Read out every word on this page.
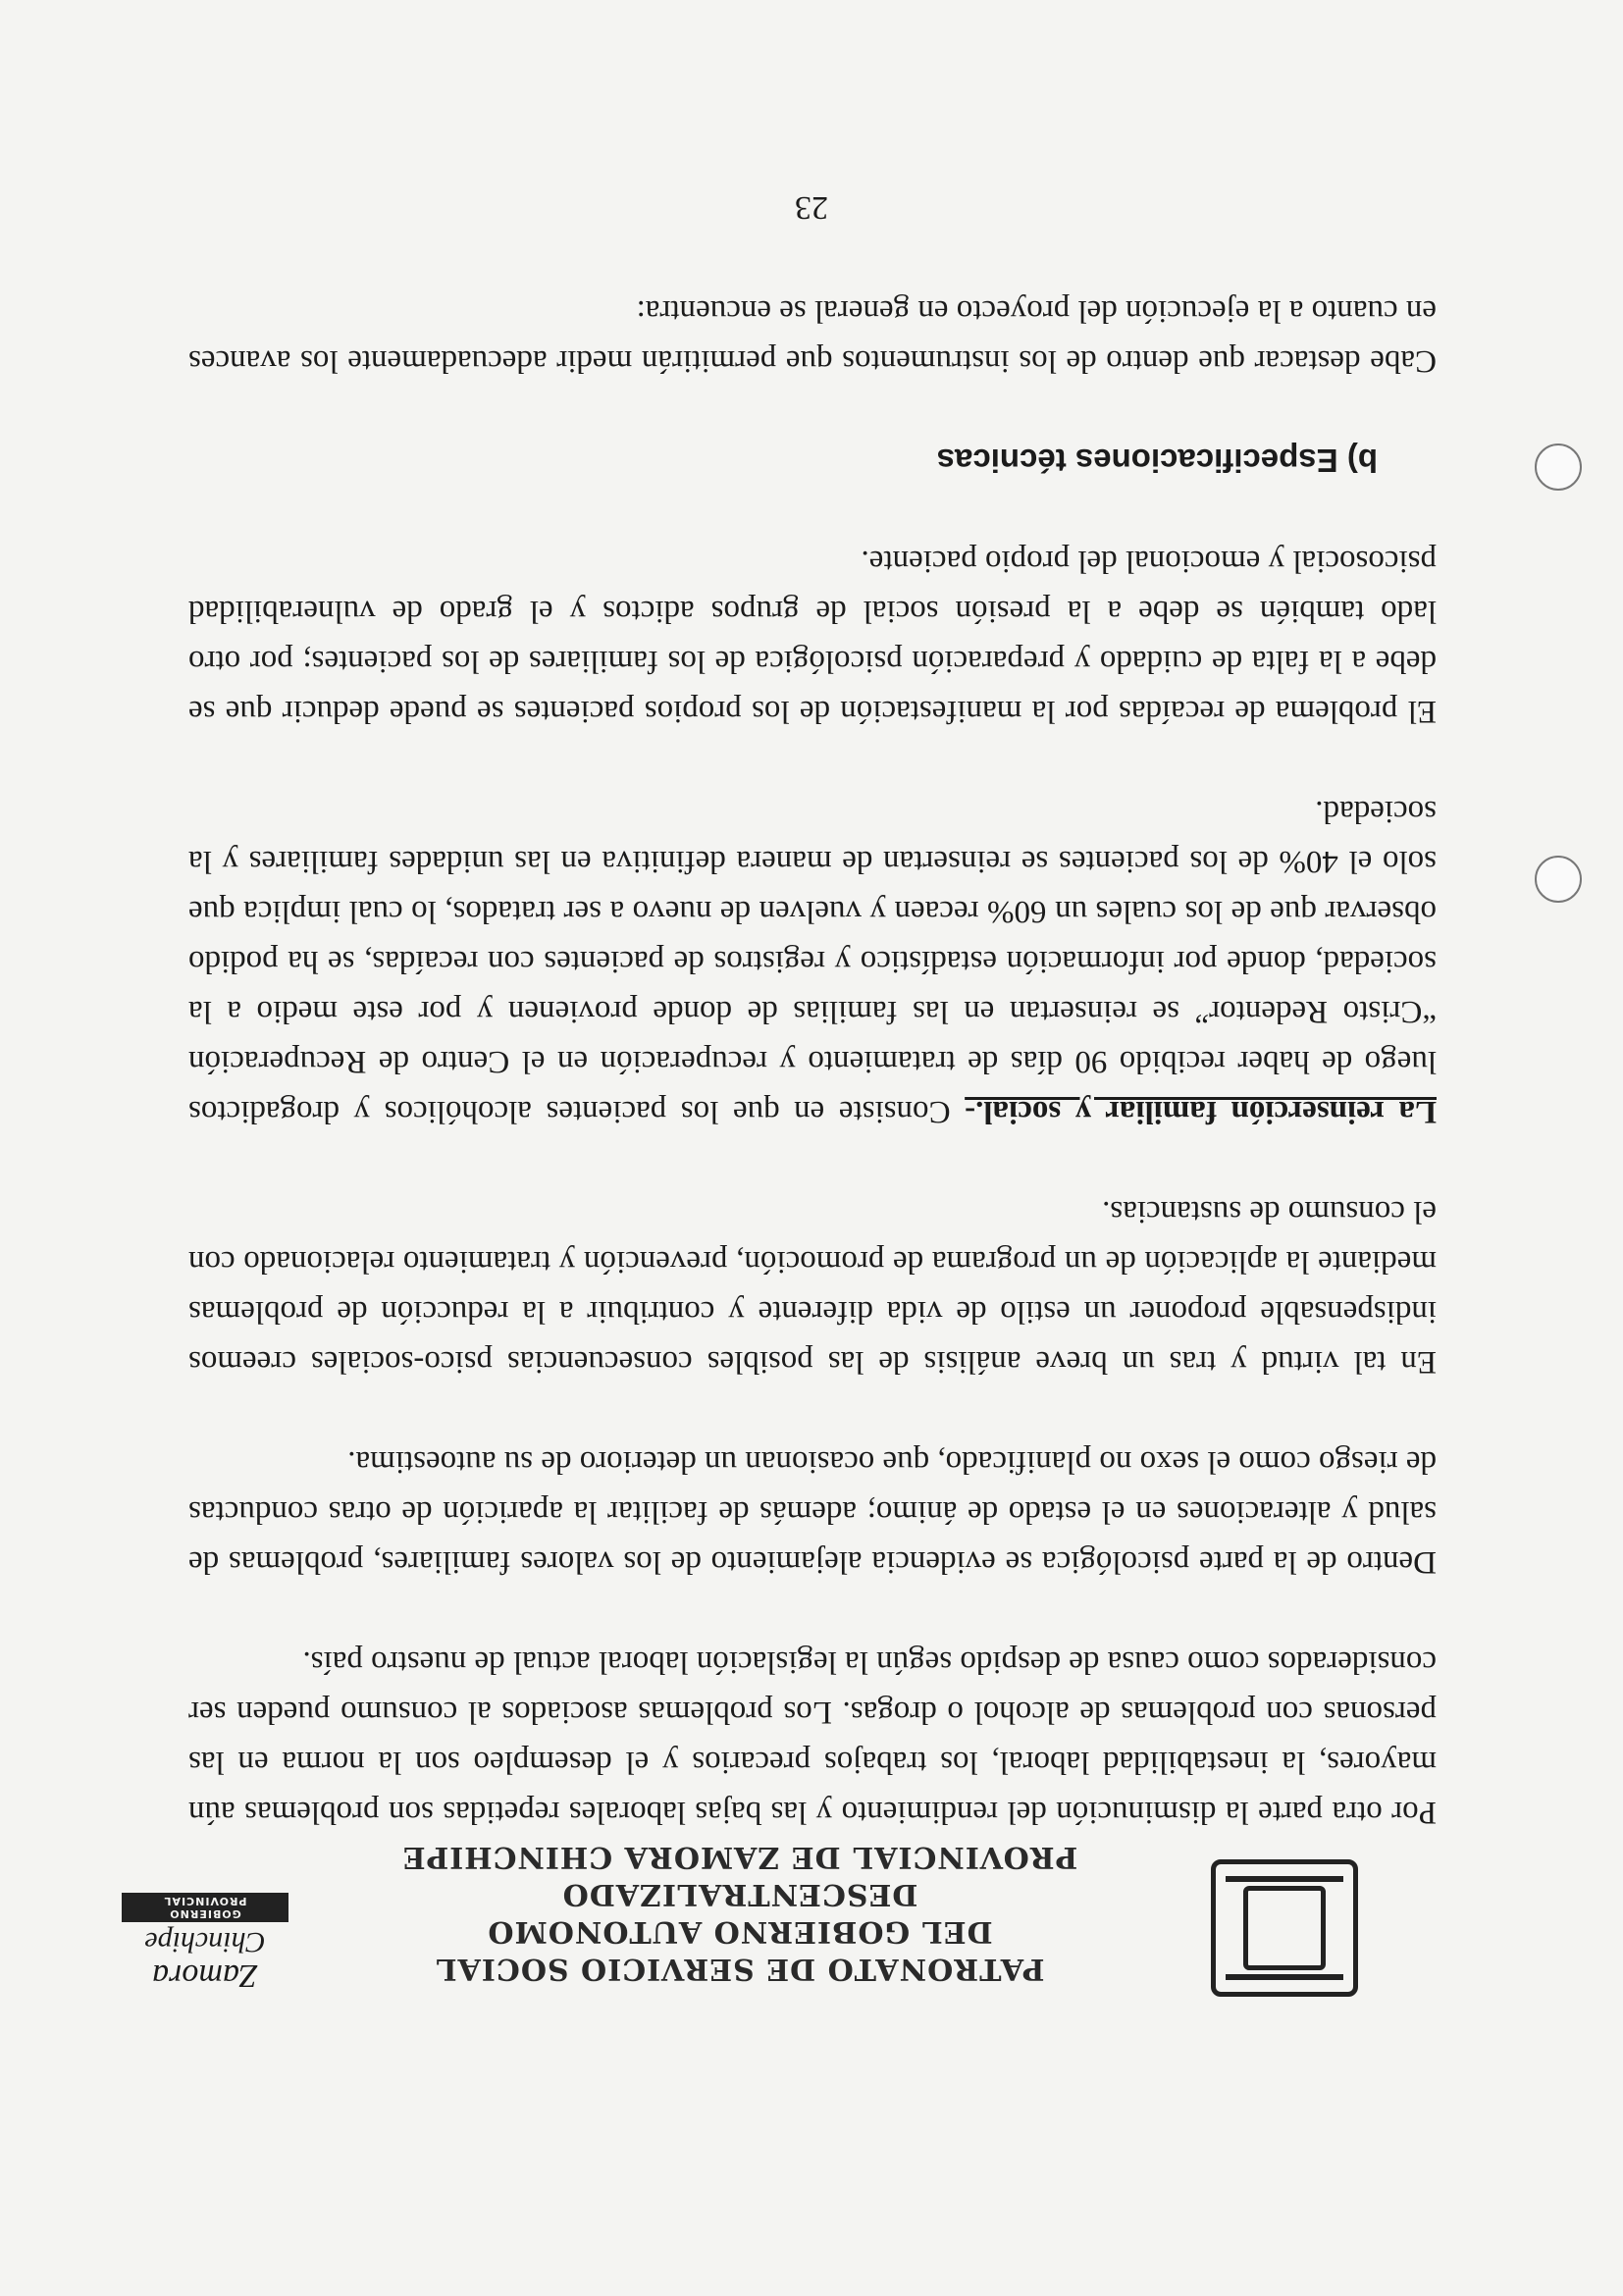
PATRONATO DE SERVICIO SOCIAL
DEL GOBIERNO AUTONOMO DESCENTRALIZADO
PROVINCIAL DE ZAMORA CHINCHIPE
Zamora
Chinchipe
GOBIERNO PROVINCIAL

Por otra parte la disminución del rendimiento y las bajas laborales repetidas son problemas aún mayores, la inestabilidad laboral, los trabajos precarios y el desempleo son la norma en las personas con problemas de alcohol o drogas. Los problemas asociados al consumo pueden ser considerados como causa de despido según la legislación laboral actual de nuestro país.

Dentro de la parte psicológica se evidencia alejamiento de los valores familiares, problemas de salud y alteraciones en el estado de ánimo; además de facilitar la aparición de otras conductas de riesgo como el sexo no planificado, que ocasionan un deterioro de su autoestima.

En tal virtud y tras un breve análisis de las posibles consecuencias psico-sociales creemos indispensable proponer un estilo de vida diferente y contribuir a la reducción de problemas mediante la aplicación de un programa de promoción, prevención y tratamiento relacionado con el consumo de sustancias.

La reinserción familiar y social.- Consiste en que los pacientes alcohólicos y drogadictos luego de haber recibido 90 días de tratamiento y recuperación en el Centro de Recuperación “Cristo Redentor” se reinsertan en las familias de donde provienen y por este medio a la sociedad, donde por información estadístico y registros de pacientes con recaídas, se ha podido observar que de los cuales un 60% recaen y vuelven de nuevo a ser tratados, lo cual implica que solo el 40% de los pacientes se reinsertan de manera definitiva en las unidades familiares y la sociedad.

El problema de recaídas por la manifestación de los propios pacientes se puede deducir que se debe a la falta de cuidado y preparación psicológica de los familiares de los pacientes; por otro lado también se debe a la presión social de grupos adictos y el grado de vulnerabilidad psicosocial y emocional del propio paciente.

b) Especificaciones técnicas

Cabe destacar que dentro de los instrumentos que permitirán medir adecuadamente los avances en cuanto a la ejecución del proyecto en general se encuentra:

23
